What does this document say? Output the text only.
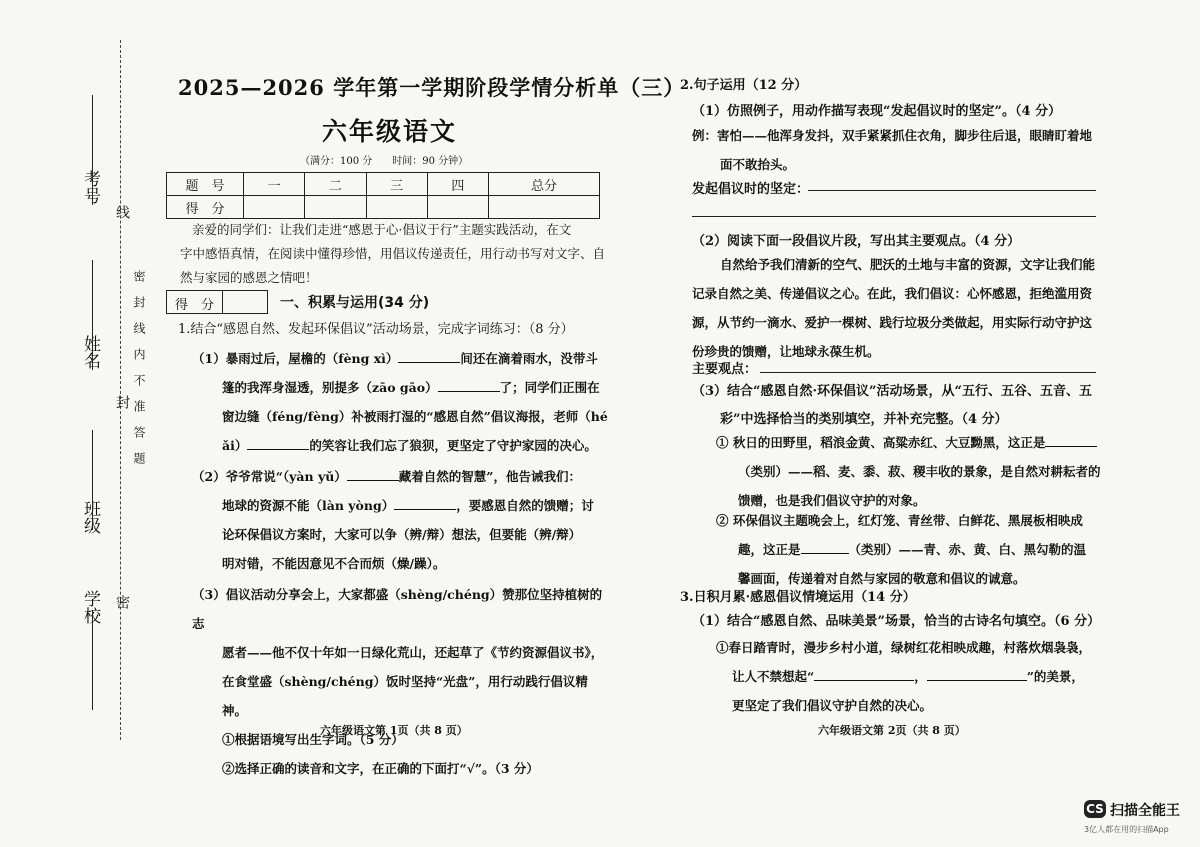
考号
姓名
班级
学校
线
封
密
密封线内不准答题
2025—2026 学年第一学期阶段学情分析单（三）
六年级语文
（满分：100 分　　时间：90 分钟）
题　号	一	二	三	四	总分
得　分					
亲爱的同学们：让我们走进“感恩于心·倡议于行”主题实践活动，在文
字中感悟真情，在阅读中懂得珍惜，用倡议传递责任，用行动书写对文字、自
然与家园的感恩之情吧！
得　分	一、积累与运用(34 分)
1.结合“感恩自然、发起环保倡议”活动场景，完成字词练习：（8 分）
（1）暴雨过后，屋檐的（fèng xì）	间还在滴着雨水，没带斗
篷的我浑身湿透，别提多（zāo gāo）	了；同学们正围在
窗边缝（féng/fèng）补被雨打湿的“感恩自然”倡议海报，老师（hé
ǎi）	的笑容让我们忘了狼狈，更坚定了守护家园的决心。
（2）爷爷常说“（yàn yǔ）	藏着自然的智慧”，他告诫我们：
地球的资源不能（làn yòng）	，要感恩自然的馈赠；讨
论环保倡议方案时，大家可以争（辨/辩）想法，但要能（辨/辩）
明对错，不能因意见不合而烦（燥/躁）。
（3）倡议活动分享会上，大家都盛（shèng/chéng）赞那位坚持植树的志
愿者——他不仅十年如一日绿化荒山，还起草了《节约资源倡议书》，
在食堂盛（shèng/chéng）饭时坚持“光盘”，用行动践行倡议精神。
①根据语境写出生字词。（5 分）
②选择正确的读音和文字，在正确的下面打“√”。（3 分）
六年级语文第 1页（共 8 页）
2.句子运用（12 分）
（1）仿照例子，用动作描写表现“发起倡议时的坚定”。（4 分）
例：害怕——他浑身发抖，双手紧紧抓住衣角，脚步往后退，眼睛盯着地
面不敢抬头。
发起倡议时的坚定：
（2）阅读下面一段倡议片段，写出其主要观点。（4 分）
自然给予我们清新的空气、肥沃的土地与丰富的资源，文字让我们能
记录自然之美、传递倡议之心。在此，我们倡议：心怀感恩，拒绝滥用资
源，从节约一滴水、爱护一棵树、践行垃圾分类做起，用实际行动守护这
份珍贵的馈赠，让地球永葆生机。
主要观点：
（3）结合“感恩自然·环保倡议”活动场景，从“五行、五谷、五音、五
彩”中选择恰当的类别填空，并补充完整。（4 分）
① 秋日的田野里，稻浪金黄、高粱赤红、大豆黝黑，这正是
（类别）——稻、麦、黍、菽、稷丰收的景象，是自然对耕耘者的
馈赠，也是我们倡议守护的对象。
② 环保倡议主题晚会上，红灯笼、青丝带、白鲜花、黑展板相映成
趣，这正是	（类别）——青、赤、黄、白、黑勾勒的温
馨画面，传递着对自然与家园的敬意和倡议的诚意。
3.日积月累·感恩倡议情境运用（14 分）
（1）结合“感恩自然、品味美景”场景，恰当的古诗名句填空。（6 分）
①春日踏青时，漫步乡村小道，绿树红花相映成趣，村落炊烟袅袅，
让人不禁想起“	，	”的美景，
更坚定了我们倡议守护自然的决心。
六年级语文第 2页（共 8 页）
CS 扫描全能王
3亿人都在用的扫描App
